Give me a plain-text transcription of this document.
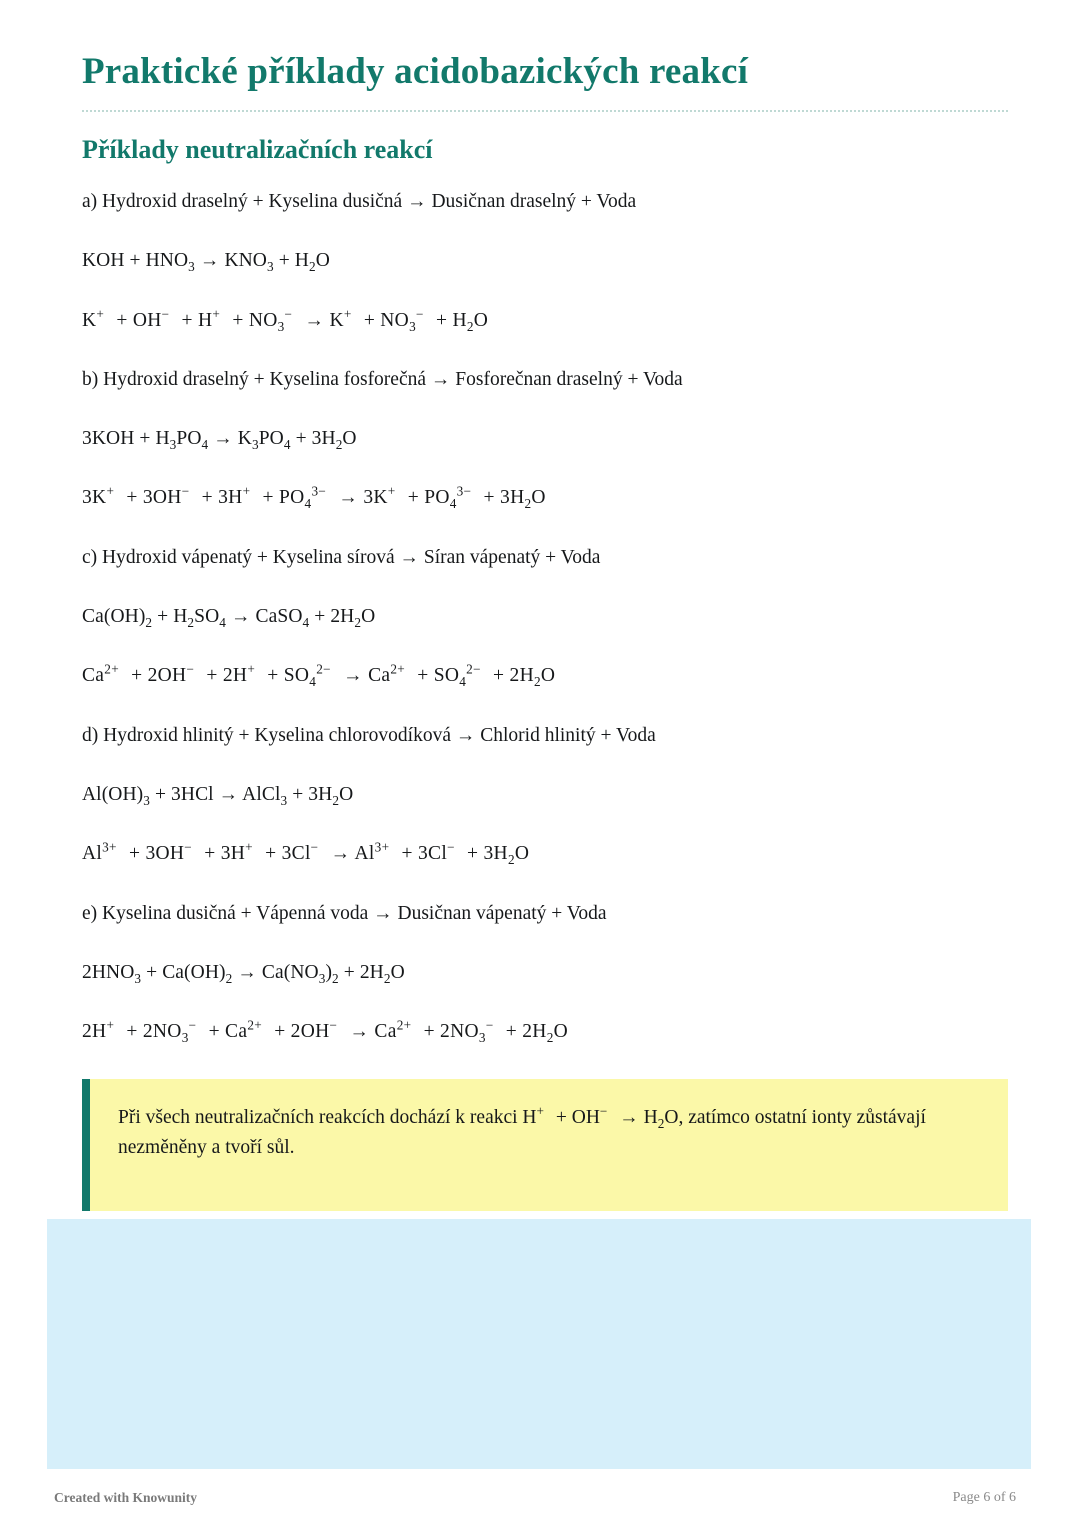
Praktické příklady acidobazických reakcí
Příklady neutralizačních reakcí

a) Hydroxid draselný + Kyselina dusičná → Dusičnan draselný + Voda

KOH + $HNO_3 \to KNO_3 + H_2O$

$K^+ + OH^- + H^+ + NO_3^- \to K^+ + NO_3^- + H_2O$

b) Hydroxid draselný + Kyselina fosforečná → Fosforečnan draselný + Voda

$3KOH + H_3PO_4 \to K_3PO_4 + 3H_2O$

$3K^+ + 3OH^- + 3H^+ + PO_4^{3-} \to 3K^+ + PO_4^{3-} + 3H_2O$

c) Hydroxid vápenatý + Kyselina sírová → Síran vápenatý + Voda

$Ca(OH)_2 + H_2SO_4$ → CaSO$_4$ + $2H_2O$

$Ca^{2+} + 2OH^- + 2H^+ + SO_4^{2-} \to Ca^{2+} + SO_4^{2-} + 2H_2O$

d) Hydroxid hlinitý + Kyselina chlorovodíková → Chlorid hlinitý + Voda

$Al(OH)_3 + 3HCl$ → AlCl$_3$ + $3H_2O$

$Al^{3+} + 3OH^- + 3H^+ + 3Cl^- \to Al^{3+} + 3Cl^- + 3H_2O$

e) Kyselina dusičná + Vápenná voda → Dusičnan vápenatý + Voda

$2HNO_3 + Ca(OH)_2 \to Ca(NO_3)_2 + 2H_2O$

$2H^+ + 2NO_3^- + Ca^{2+} + 2OH^- \to Ca^{2+} + 2NO_3^- + 2H_2O$

Při všech neutralizačních reakcích dochází k reakci $H^+ + OH^- \to H_2O$, zatímco ostatní ionty zůstávají nezměněny a tvoří sůl.

Created with Knowunity	Page 6 of 6
